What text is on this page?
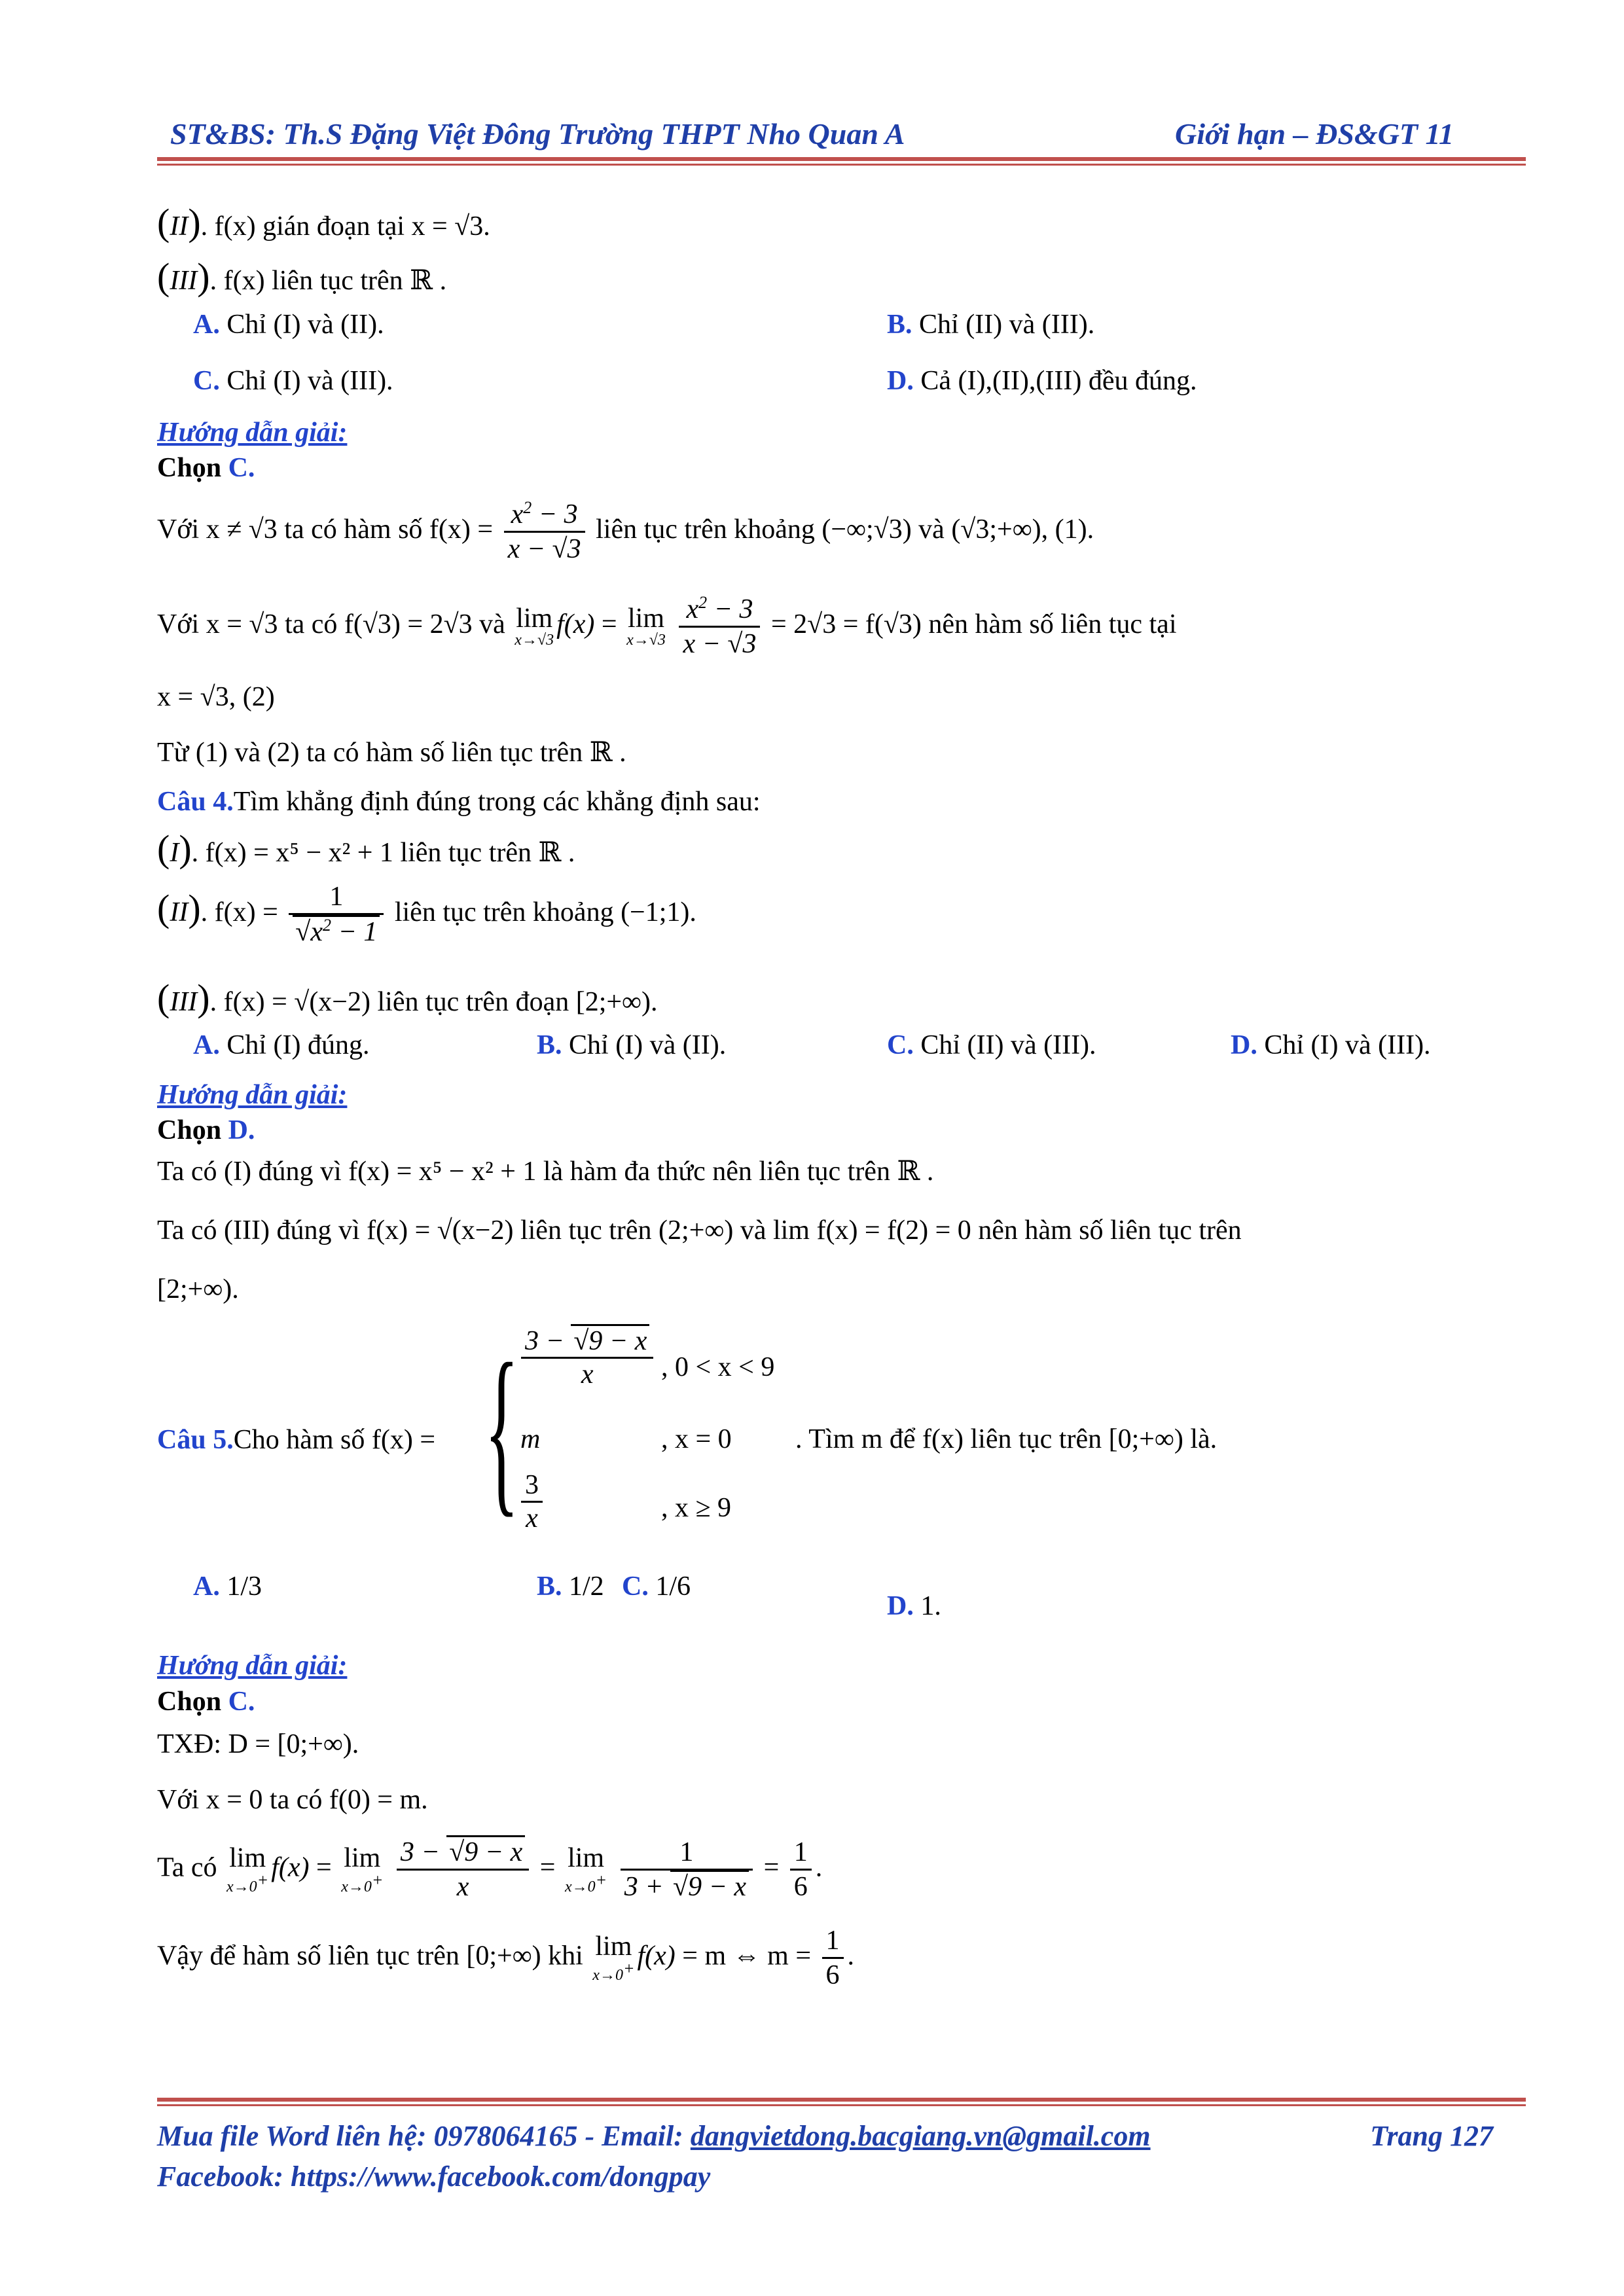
ST&BS: Th.S Đặng Việt Đông Trường THPT Nho Quan A	Giới hạn – ĐS&GT 11
(II). f(x) gián đoạn tại x = √3.
(III). f(x) liên tục trên ℝ .
A. Chỉ (I) và (II).	B. Chỉ (II) và (III).
C. Chỉ (I) và (III).	D. Cả (I),(II),(III) đều đúng.
Hướng dẫn giải:
Chọn C.
Với x ≠ √3 ta có hàm số $f(x) = \frac{x^2 - 3}{x - √3}$ liên tục trên khoảng (−∞;√3) và (√3;+∞), (1).
Với x = √3 ta có f(√3) = 2√3 và lim
x→√3
f(x) = lim
x→√3
$\frac{x^2 - 3}{x - √3} = 2√3 = f(√3)$ nên hàm số liên tục tại
x = √3, (2)
Từ (1) và (2) ta có hàm số liên tục trên ℝ .
Câu 4.Tìm khẳng định đúng trong các khẳng định sau:
(I). f(x) = x⁵ − x² + 1 liên tục trên ℝ .
(II). $f(x) = \frac{1}{√x^2 - 1}$ liên tục trên khoảng (−1;1).
(III). f(x) = √(x−2) liên tục trên đoạn [2;+∞).
A. Chỉ (I) đúng.	B. Chỉ (I) và (II).	C. Chỉ (II) và (III).	D. Chỉ (I) và (III).
Hướng dẫn giải:
Chọn D.
Ta có (I) đúng vì f(x) = x⁵ − x² + 1 là hàm đa thức nên liên tục trên ℝ .
Ta có (III) đúng vì f(x) = √(x−2) liên tục trên (2;+∞) và lim f(x) = f(2) = 0 nên hàm số liên tục trên
[2;+∞).
Câu 5.Cho hàm số f(x) = { $\frac{3 - √9 - x}{x}$ , 0 < x < 9
m	, x = 0
$\frac{3}{x}$	, x ≥ 9
. Tìm m để f(x) liên tục trên [0;+∞) là.
A. 1/3	B. 1/2 C. 1/6
D. 1.
Hướng dẫn giải:
Chọn C.
TXĐ: D = [0;+∞).
Với x = 0 ta có f(0) = m.
Ta có lim
x→0+ f(x) = lim
x→0+
$\frac{3 - √9 - x}{x} = \lim$
x→0+
$\frac{1}{3 + √9 - x} = \frac{1}{6}$ .
Vậy để hàm số liên tục trên [0;+∞) khi lim
x→0+ f(x) = m ⇔ $m = \frac{1}{6}$ .
Mua file Word liên hệ: 0978064165 - Email: dangvietdong.bacgiang.vn@gmail.com	Trang 127
Facebook: https://www.facebook.com/dongpay
